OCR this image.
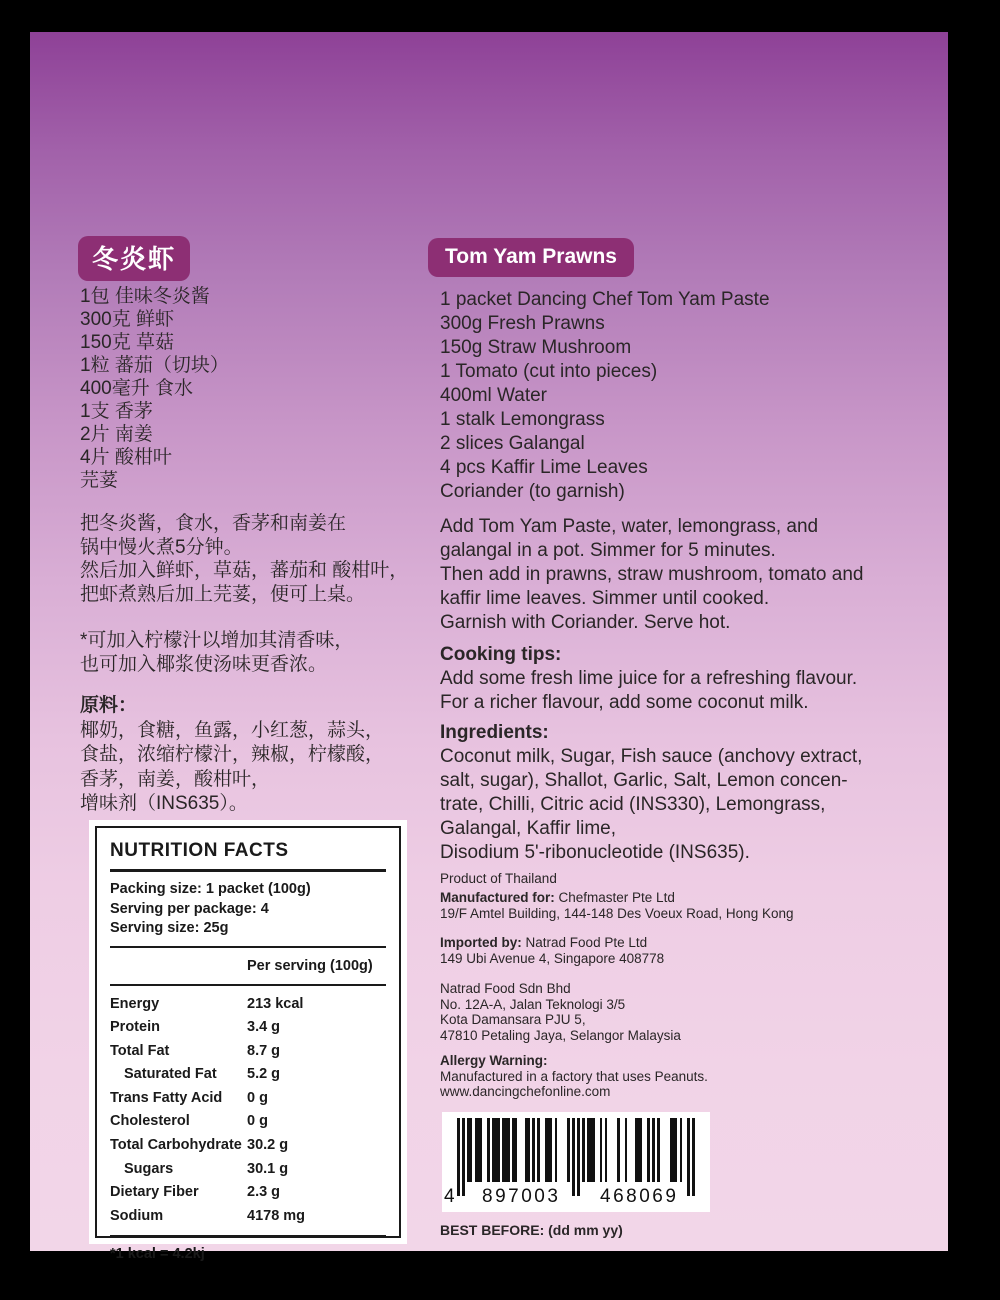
冬炎虾
1包 佳味冬炎酱
300克 鲜虾
150克 草菇
1粒 蕃茄（切块）
400毫升 食水
1支 香茅
2片 南姜
4片 酸柑叶
芫荽
把冬炎酱，食水，香茅和南姜在
锅中慢火煮5分钟。
然后加入鲜虾，草菇，蕃茄和 酸柑叶，
把虾煮熟后加上芫荽，便可上桌。
*可加入柠檬汁以增加其清香味，
也可加入椰浆使汤味更香浓。
原料：
椰奶，食糖，鱼露，小红葱，蒜头，
食盐，浓缩柠檬汁，辣椒，柠檬酸，
香茅，南姜，酸柑叶，
增味剂（INS635）。
NUTRITION FACTS
Packing size: 1 packet (100g)
Serving per package: 4
Serving size: 25g
Per serving (100g)
Energy	213 kcal
Protein	3.4 g
Total Fat	8.7 g
Saturated Fat	5.2 g
Trans Fatty Acid	0 g
Cholesterol	0 g
Total Carbohydrate 30.2 g
Sugars	30.1 g
Dietary Fiber	2.3 g
Sodium	4178 mg
*1 kcal = 4.2kj
Tom Yam Prawns
1 packet Dancing Chef Tom Yam Paste
300g Fresh Prawns
150g Straw Mushroom
1 Tomato (cut into pieces)
400ml Water
1 stalk Lemongrass
2 slices Galangal
4 pcs Kaffir Lime Leaves
Coriander (to garnish)
Add Tom Yam Paste, water, lemongrass, and
galangal in a pot. Simmer for 5 minutes.
Then add in prawns, straw mushroom, tomato and
kaffir lime leaves. Simmer until cooked.
Garnish with Coriander. Serve hot.
Cooking tips:
Add some fresh lime juice for a refreshing flavour.
For a richer flavour, add some coconut milk.
Ingredients:
Coconut milk, Sugar, Fish sauce (anchovy extract,
salt, sugar), Shallot, Garlic, Salt, Lemon concen-
trate, Chilli, Citric acid (INS330), Lemongrass,
Galangal, Kaffir lime,
Disodium 5'-ribonucleotide (INS635).
Product of Thailand
Manufactured for: Chefmaster Pte Ltd
19/F Amtel Building, 144-148 Des Voeux Road, Hong Kong
Imported by: Natrad Food Pte Ltd
149 Ubi Avenue 4, Singapore 408778
Natrad Food Sdn Bhd
No. 12A-A, Jalan Teknologi 3/5
Kota Damansara PJU 5,
47810 Petaling Jaya, Selangor Malaysia
Allergy Warning:
Manufactured in a factory that uses Peanuts.
www.dancingchefonline.com
4 897003 468069
BEST BEFORE: (dd mm yy)
